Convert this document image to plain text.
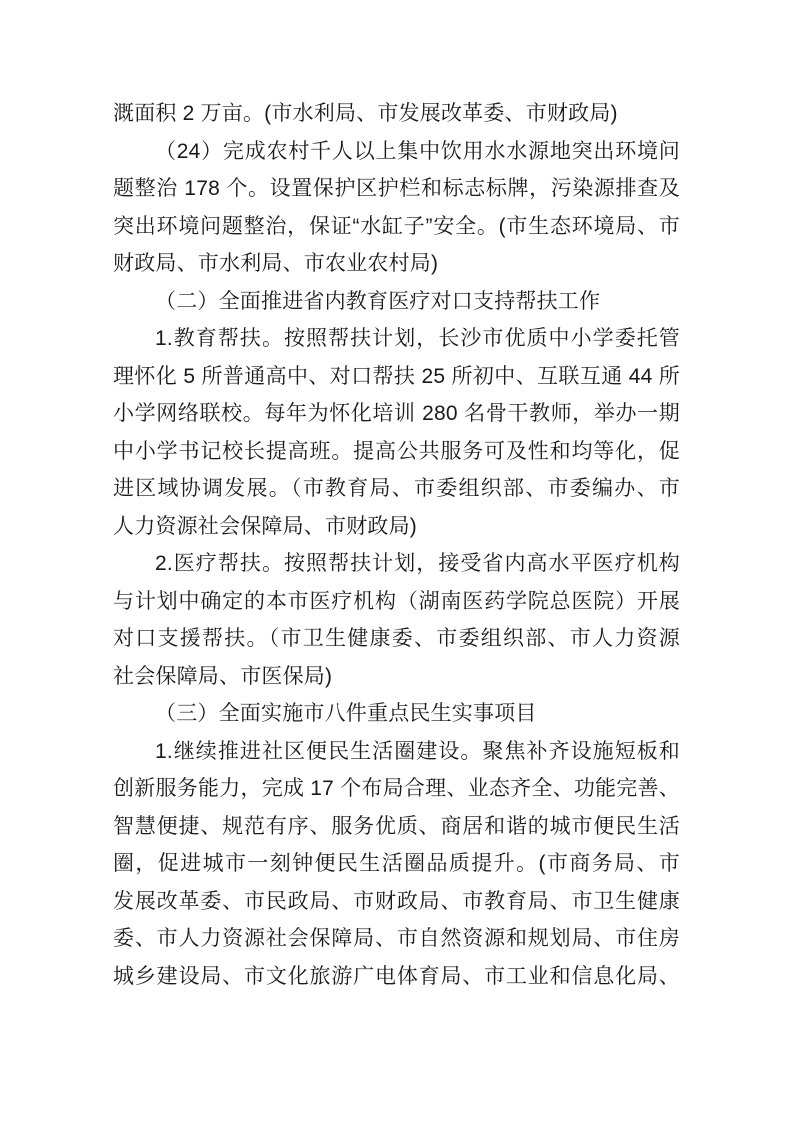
溉面积 2 万亩。(市水利局、市发展改革委、市财政局)
（24）完成农村千人以上集中饮用水水源地突出环境问
题整治 178 个。设置保护区护栏和标志标牌，污染源排查及
突出环境问题整治，保证“水缸子”安全。(市生态环境局、市
财政局、市水利局、市农业农村局)
（二）全面推进省内教育医疗对口支持帮扶工作
1.教育帮扶。按照帮扶计划，长沙市优质中小学委托管
理怀化 5 所普通高中、对口帮扶 25 所初中、互联互通 44 所
小学网络联校。每年为怀化培训 280 名骨干教师，举办一期
中小学书记校长提高班。提高公共服务可及性和均等化，促
进区域协调发展。（市教育局、市委组织部、市委编办、市
人力资源社会保障局、市财政局)
2.医疗帮扶。按照帮扶计划，接受省内高水平医疗机构
与计划中确定的本市医疗机构（湖南医药学院总医院）开展
对口支援帮扶。（市卫生健康委、市委组织部、市人力资源
社会保障局、市医保局)
（三）全面实施市八件重点民生实事项目
1.继续推进社区便民生活圈建设。聚焦补齐设施短板和
创新服务能力，完成 17 个布局合理、业态齐全、功能完善、
智慧便捷、规范有序、服务优质、商居和谐的城市便民生活
圈，促进城市一刻钟便民生活圈品质提升。(市商务局、市
发展改革委、市民政局、市财政局、市教育局、市卫生健康
委、市人力资源社会保障局、市自然资源和规划局、市住房
城乡建设局、市文化旅游广电体育局、市工业和信息化局、
